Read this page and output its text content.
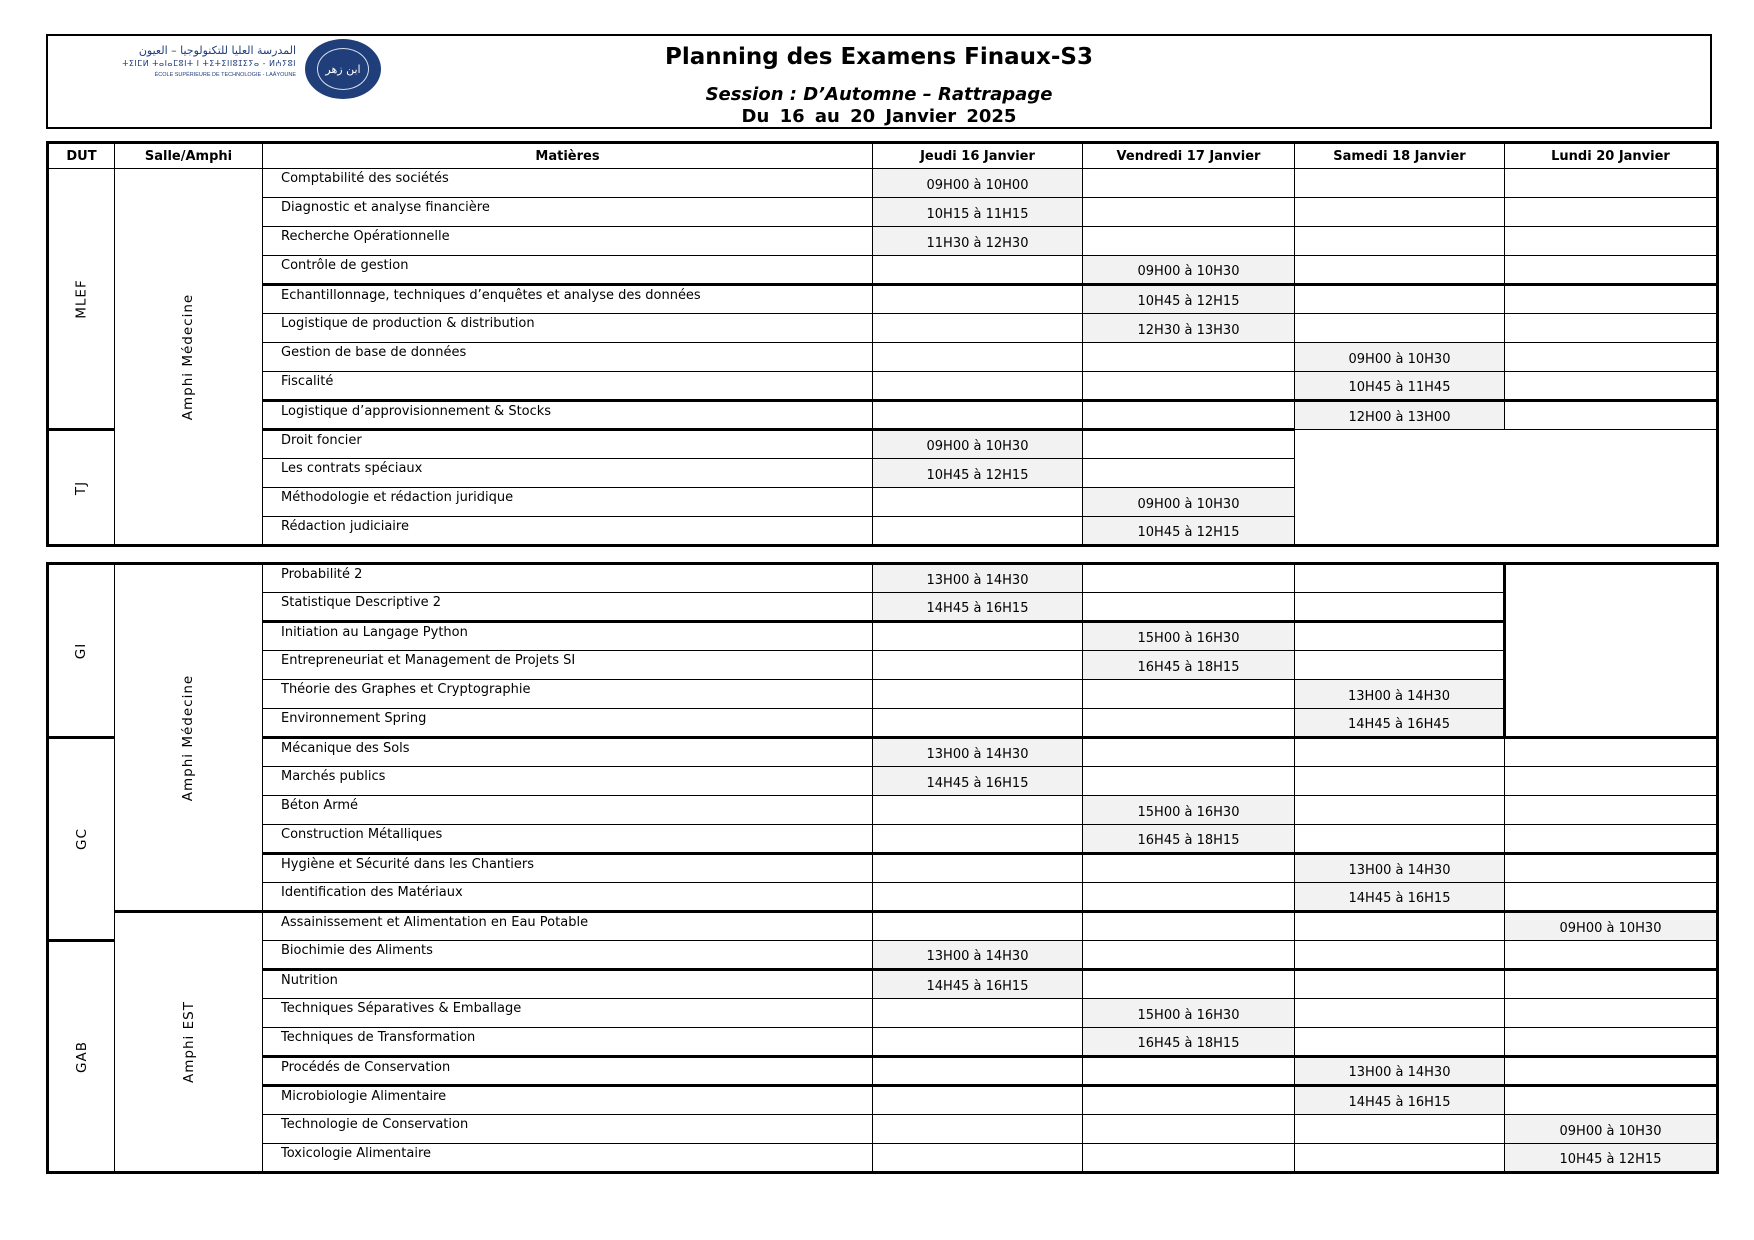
المدرسة العليا للتكنولوجيا – العيون
ⵜⵉⵏⵎⵍ ⵜⴰⵏⴰⵎⵓⵏⵜ ⵏ ⵜⵉⵜⵉⵏⵏⵓⵊⵉⵢⴰ - ⵍⵄⵢⵓⵏ
ÉCOLE SUPÉRIEURE DE TECHNOLOGIE - LAÂYOUNE	ابن زهر	Planning des Examens Finaux-S3
Session : D’Automne – Rattrapage
Du 16 au 20 Janvier 2025
DUT	Salle/Amphi	Matières	Jeudi 16 Janvier	Vendredi 17 Janvier	Samedi 18 Janvier	Lundi 20 Janvier
MLEF	Amphi Médecine	Comptabilité des sociétés	09H00 à 10H00			
		Diagnostic et analyse financière	10H15 à 11H15			
		Recherche Opérationnelle	11H30 à 12H30			
		Contrôle de gestion		09H00 à 10H30		
		Echantillonnage, techniques d’enquêtes et analyse des données		10H45 à 12H15		
		Logistique de production & distribution		12H30 à 13H30		
		Gestion de base de données			09H00 à 10H30	
		Fiscalité			10H45 à 11H45	
		Logistique d’approvisionnement & Stocks			12H00 à 13H00	
TJ		Droit foncier	09H00 à 10H30			
		Les contrats spéciaux	10H45 à 12H15			
		Méthodologie et rédaction juridique		09H00 à 10H30		
		Rédaction judiciaire		10H45 à 12H15		
GI	Amphi Médecine	Probabilité 2	13H00 à 14H30			
		Statistique Descriptive 2	14H45 à 16H15			
		Initiation au Langage Python		15H00 à 16H30		
		Entrepreneuriat et Management de Projets SI		16H45 à 18H15		
		Théorie des Graphes et Cryptographie			13H00 à 14H30	
		Environnement Spring			14H45 à 16H45	
GC		Mécanique des Sols	13H00 à 14H30			
		Marchés publics	14H45 à 16H15			
		Béton Armé		15H00 à 16H30		
		Construction Métalliques		16H45 à 18H15		
		Hygiène et Sécurité dans les Chantiers			13H00 à 14H30	
		Identification des Matériaux			14H45 à 16H15	
	Amphi EST	Assainissement et Alimentation en Eau Potable				09H00 à 10H30
GAB		Biochimie des Aliments	13H00 à 14H30			
		Nutrition	14H45 à 16H15			
		Techniques Séparatives & Emballage		15H00 à 16H30		
		Techniques de Transformation		16H45 à 18H15		
		Procédés de Conservation			13H00 à 14H30	
		Microbiologie Alimentaire			14H45 à 16H15	
		Technologie de Conservation				09H00 à 10H30
		Toxicologie Alimentaire				10H45 à 12H15
